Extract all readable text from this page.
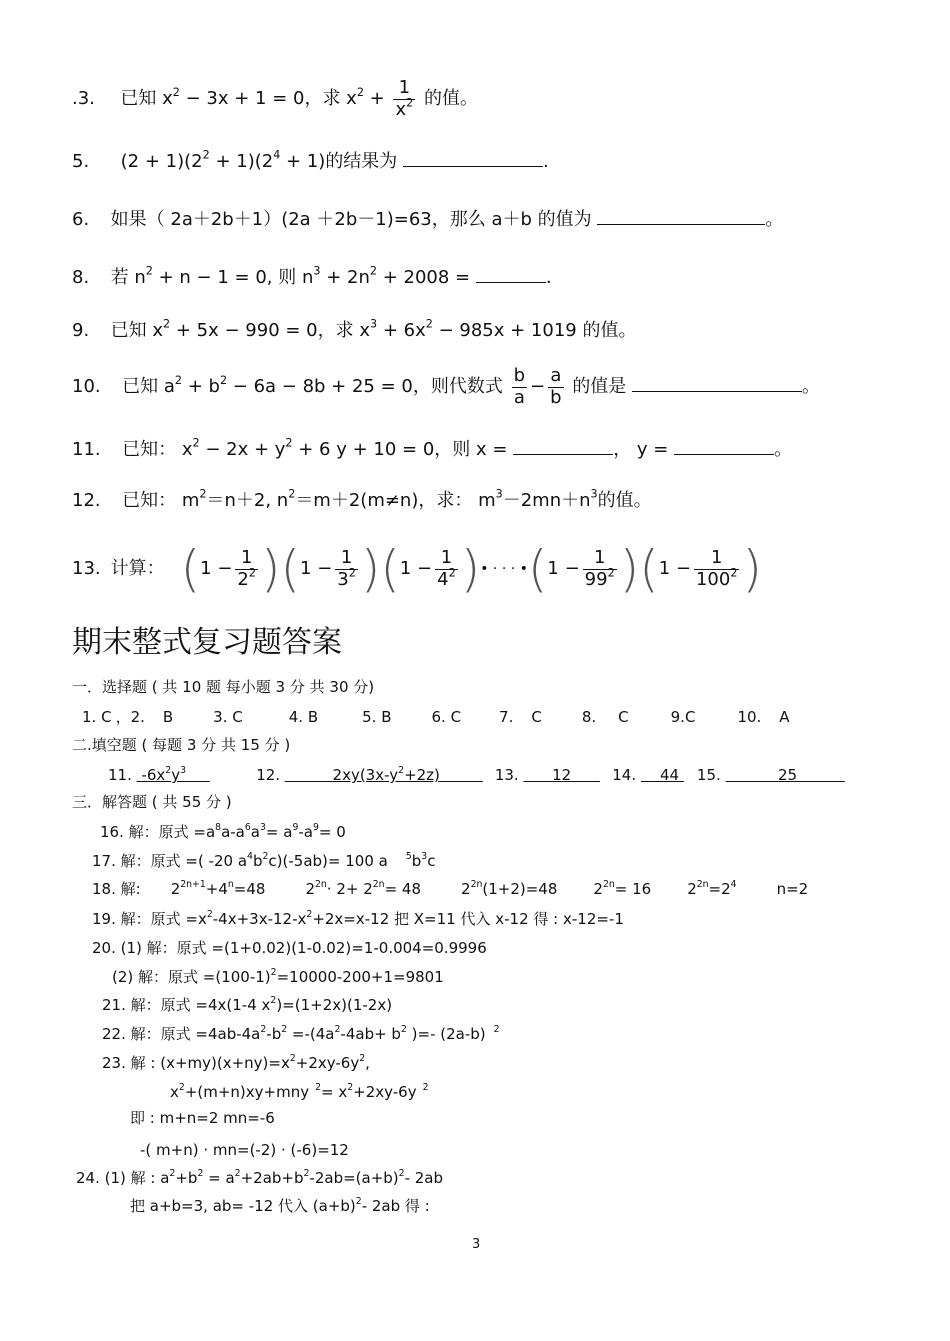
.3. 已知 $x^2 - 3x + 1 = 0$，求 $x^2 + \frac{1}{x^2}$ 的值。
5. $(2 + 1)(2^2 + 1)(2^4 + 1)$的结果为	.
6. 如果（ 2a＋2b＋1）(2a ＋2b－1)=63，那么 a＋b 的值为	。
8. 若 $n^2 + n - 1 = 0$, 则 $n^3 + 2n^2 + 2008$ =	.
9. 已知 $x^2 + 5x - 990 = 0$，求 $x^3 + 6x^2 - 985x + 1019$ 的值。
10. 已知 $a^2 + b^2 - 6a - 8b + 25 = 0$，则代数式 $\frac{b}{a} - \frac{a}{b}$ 的值是	。
11. 已知： $x^2 - 2x + y^2 + 6$ y + 10 = 0，则 x =	， y =	。
12. 已知： $m^2=n+2$, $n^2=m+2(m\ne n)$，求： $m^3-2mn+n^3$的值。
13. 计算： ($1 - \frac{1}{2^2}$ ) ($1 - \frac{1}{3^2}$ ) ($1 - \frac{1}{4^2}$ ) • · · · • ($1 - \frac{1}{99^2}$ ) ($1 - \frac{1}{100^2}$ )
期末整式复习题答案
一．选择题 ( 共 10 题 每小题 3 分 共 30 分)
1. C ，2. B	3. C	4. B	5. B	6. C	7. C	8. C	9.C	10. A
二.填空题 ( 每题 3 分 共 15 分 )
11. $-6x^2y^3$	12.	$2xy(3x-y^2+2z)$	13. 12	14. 44 15.	25
三．解答题 ( 共 55 分 )
16. 解：原式 $=a^8a-a^6a^3= a^9-a^9= 0$
17. 解：原式 =( -20 $a^4b^2c)(-5ab)= 100$ a $^5b^3c$
18. 解: $2^{2n+1}+4^n=48$	$2^{2n}\cdot 2+ 2^{2n}= 48$	$2^{2n}(1+2)=48$ $2^{2n}= 16$ $2^{2n}=2^4$	n=2
19. 解：原式 $=x^2-4x+3x-12-x^2+2x=x-12$ 把 X=11 代入 x-12 得 : x-12=-1
20. (1) 解：原式 =(1+0.02)(1-0.02)=1-0.004=0.9996
(2) 解：原式 $=(100-1)^2=10000-200+1=9801$
21. 解：原式 =4x(1-4 $x^2)=(1+2x)(1-2x)$
22. 解：原式 $=4ab-4a^2-b^2 =-(4a^2-4ab+ b^2$ )=- (2a-b) $^2$
23. 解 : $(x+my)(x+ny)=x^2+2xy-6y^2$,
$x^2+(m+n)xy+mny$ $^2= x^2+2xy-6y$ $^2$
即 : m+n=2 mn=-6
-( m+n) · mn=(-2) · (-6)=12
24. (1) 解 : $a^2+b^2 = a^2+2ab+b^2-2ab=(a+b)^2-$ 2ab
把 a+b=3, ab= -12 代入 $(a+b)^2-$ 2ab 得 :
3
